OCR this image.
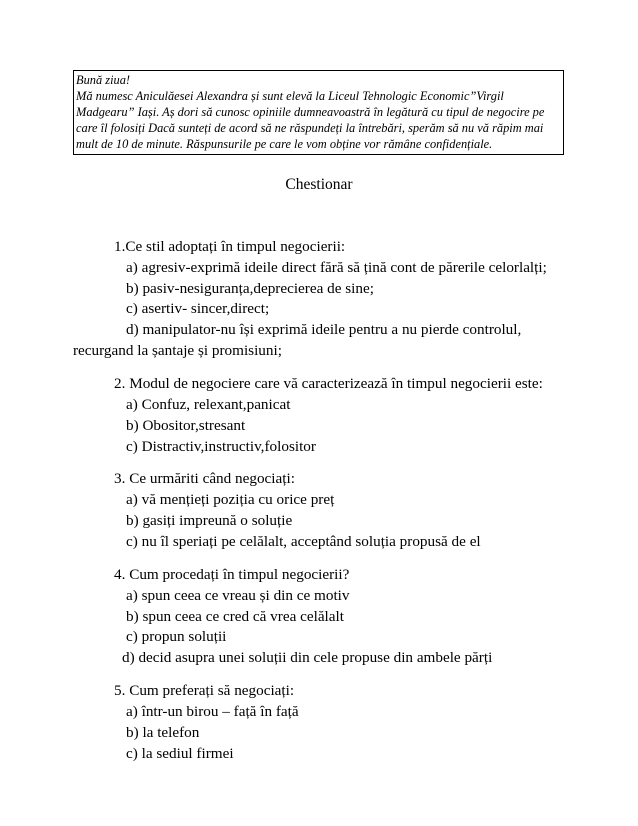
Bună ziua!
Mă numesc Aniculăesei Alexandra și sunt elevă la Liceul Tehnologic Economic”Virgil
Madgearu” Iași. Aș dori să cunosc opiniile dumneavoastră în legătură cu tipul de negocire pe
care îl folosiți Dacă sunteți de acord să ne răspundeți la întrebări, sperăm să nu vă răpim mai
mult de 10 de minute. Răspunsurile pe care le vom obține vor rămâne confidențiale.
Chestionar
1.Ce stil adoptați în timpul negocierii:
a) agresiv-exprimă ideile direct fără să țină cont de părerile celorlalți;
b) pasiv-nesiguranța,deprecierea de sine;
c) asertiv- sincer,direct;
d) manipulator-nu își exprimă ideile pentru a nu pierde controlul,
recurgand la șantaje și promisiuni;
2. Modul de negociere care vă caracterizează în timpul negocierii este:
a) Confuz, relexant,panicat
b) Obositor,stresant
c) Distractiv,instructiv,folositor
3. Ce urmăriti când negociați:
a) vă mențieți poziția cu orice preț
b) gasiți impreună o soluție
c) nu îl speriați pe celălalt, acceptând soluția propusă de el
4. Cum procedați în timpul negocierii?
a) spun ceea ce vreau și din ce motiv
b) spun ceea ce cred că vrea celălalt
c) propun soluții
d) decid asupra unei soluții din cele propuse din ambele părți
5. Cum preferați să negociați:
a) într-un birou – față în față
b) la telefon
c) la sediul firmei
